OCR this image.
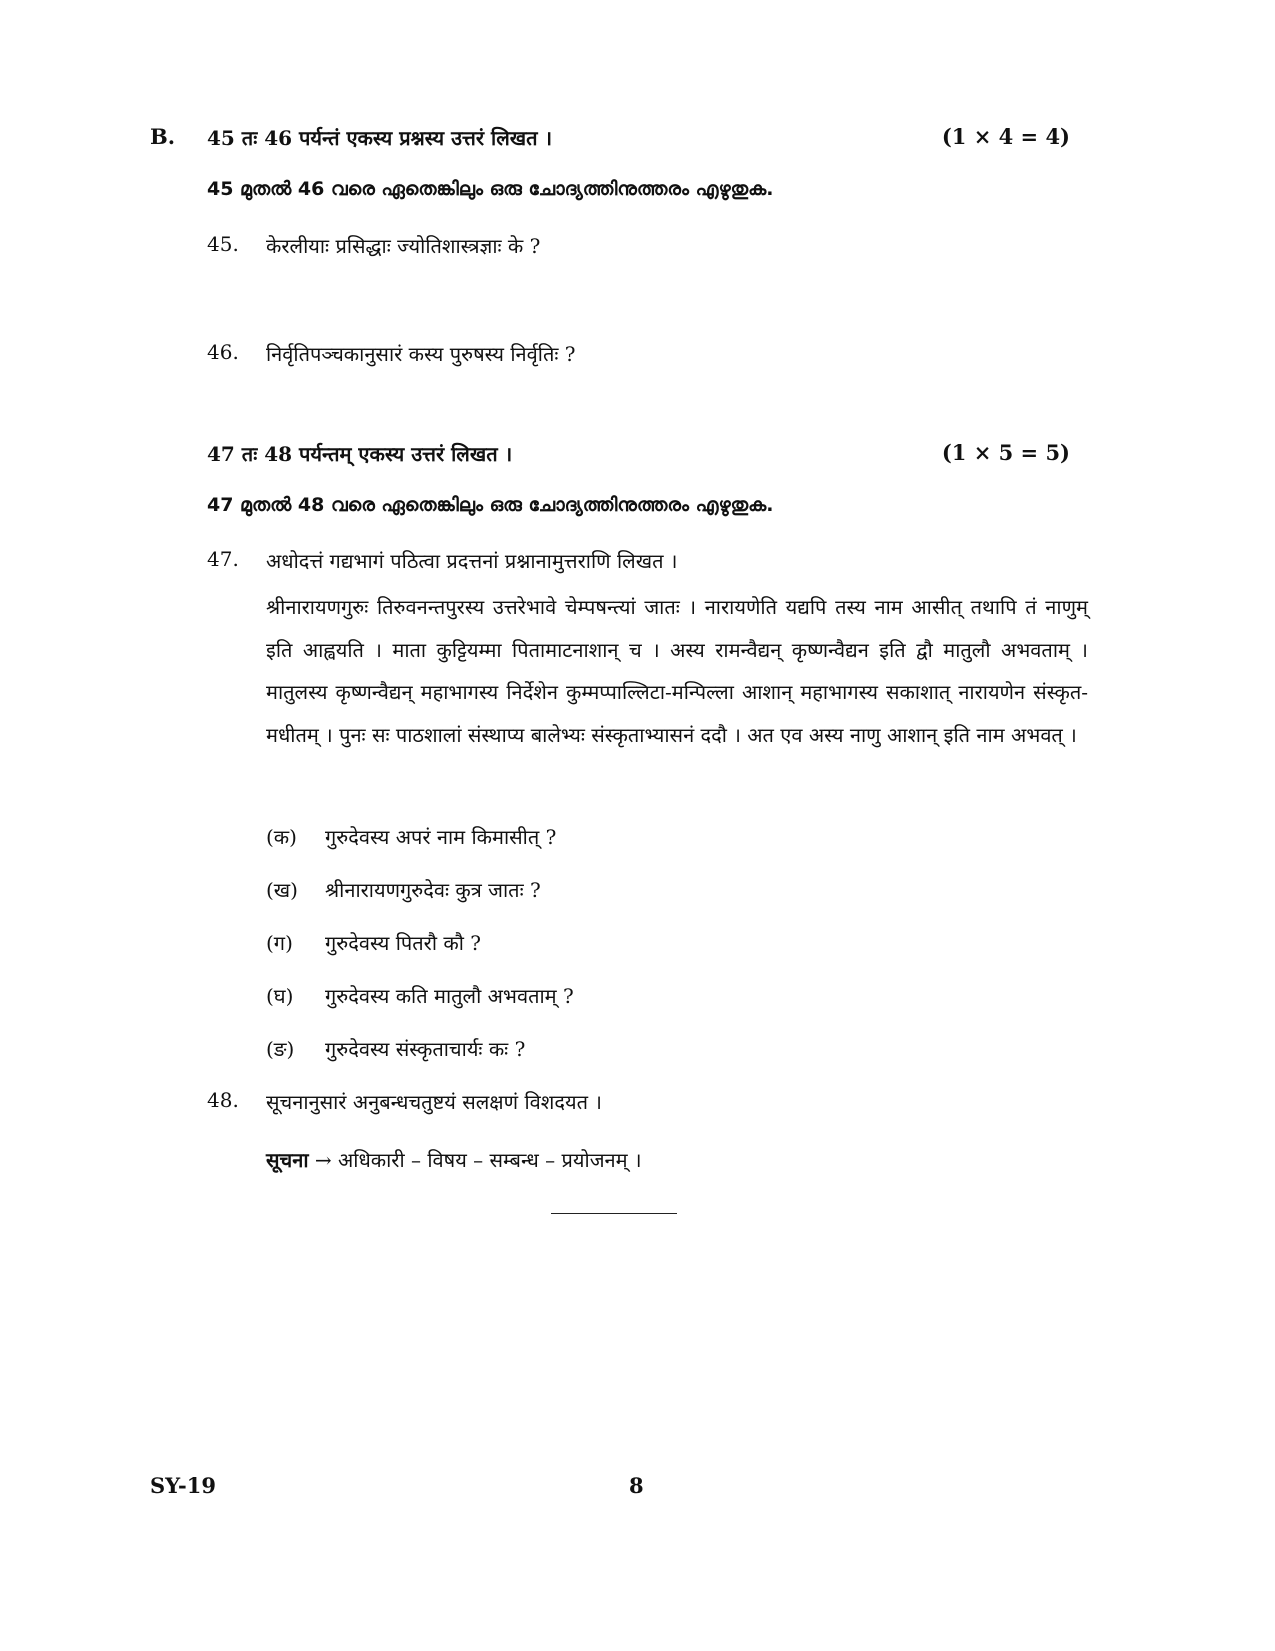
B. 45 तः 46 पर्यन्तं एकस्य प्रश्नस्य उत्तरं लिखत ।	(1 × 4 = 4)
45 മുതൽ 46 വരെ ഏതെങ്കിലും ഒരു ചോദ്യത്തിനുത്തരം എഴുതുക.
45. केरलीयाः प्रसिद्धाः ज्योतिशास्त्रज्ञाः के ?
46. निर्वृतिपञ्चकानुसारं कस्य पुरुषस्य निर्वृतिः ?
47 तः 48 पर्यन्तम् एकस्य उत्तरं लिखत ।	(1 × 5 = 5)
47 മുതൽ 48 വരെ ഏതെങ്കിലും ഒരു ചോദ്യത്തിനുത്തരം എഴുതുക.
47. अधोदत्तं गद्यभागं पठित्वा प्रदत्तनां प्रश्नानामुत्तराणि लिखत ।

श्रीनारायणगुरुः तिरुवनन्तपुरस्य उत्तरेभावे चेम्पषन्त्यां जातः । नारायणेति यद्यपि तस्य नाम आसीत् तथापि तं नाणुम् इति आह्वयति । माता कुट्टियम्मा पितामाटनाशान् च । अस्य रामन्वैद्यन् कृष्णन्वैद्यन इति द्वौ मातुलौ अभवताम् । मातुलस्य कृष्णन्वैद्यन् महाभागस्य निर्देशेन कुम्मप्पाल्लिटा-मन्पिल्ला आशान् महाभागस्य सकाशात् नारायणेन संस्कृत-मधीतम् । पुनः सः पाठशालां संस्थाप्य बालेभ्यः संस्कृताभ्यासनं ददौ । अत एव अस्य नाणु आशान् इति नाम अभवत् ।

(क) गुरुदेवस्य अपरं नाम किमासीत् ?
(ख) श्रीनारायणगुरुदेवः कुत्र जातः ?
(ग) गुरुदेवस्य पितरौ कौ ?
(घ) गुरुदेवस्य कति मातुलौ अभवताम् ?
(ङ) गुरुदेवस्य संस्कृताचार्यः कः ?
48. सूचनानुसारं अनुबन्धचतुष्टयं सलक्षणं विशदयत ।
सूचना → अधिकारी – विषय – सम्बन्ध – प्रयोजनम् ।
SY-19	8
